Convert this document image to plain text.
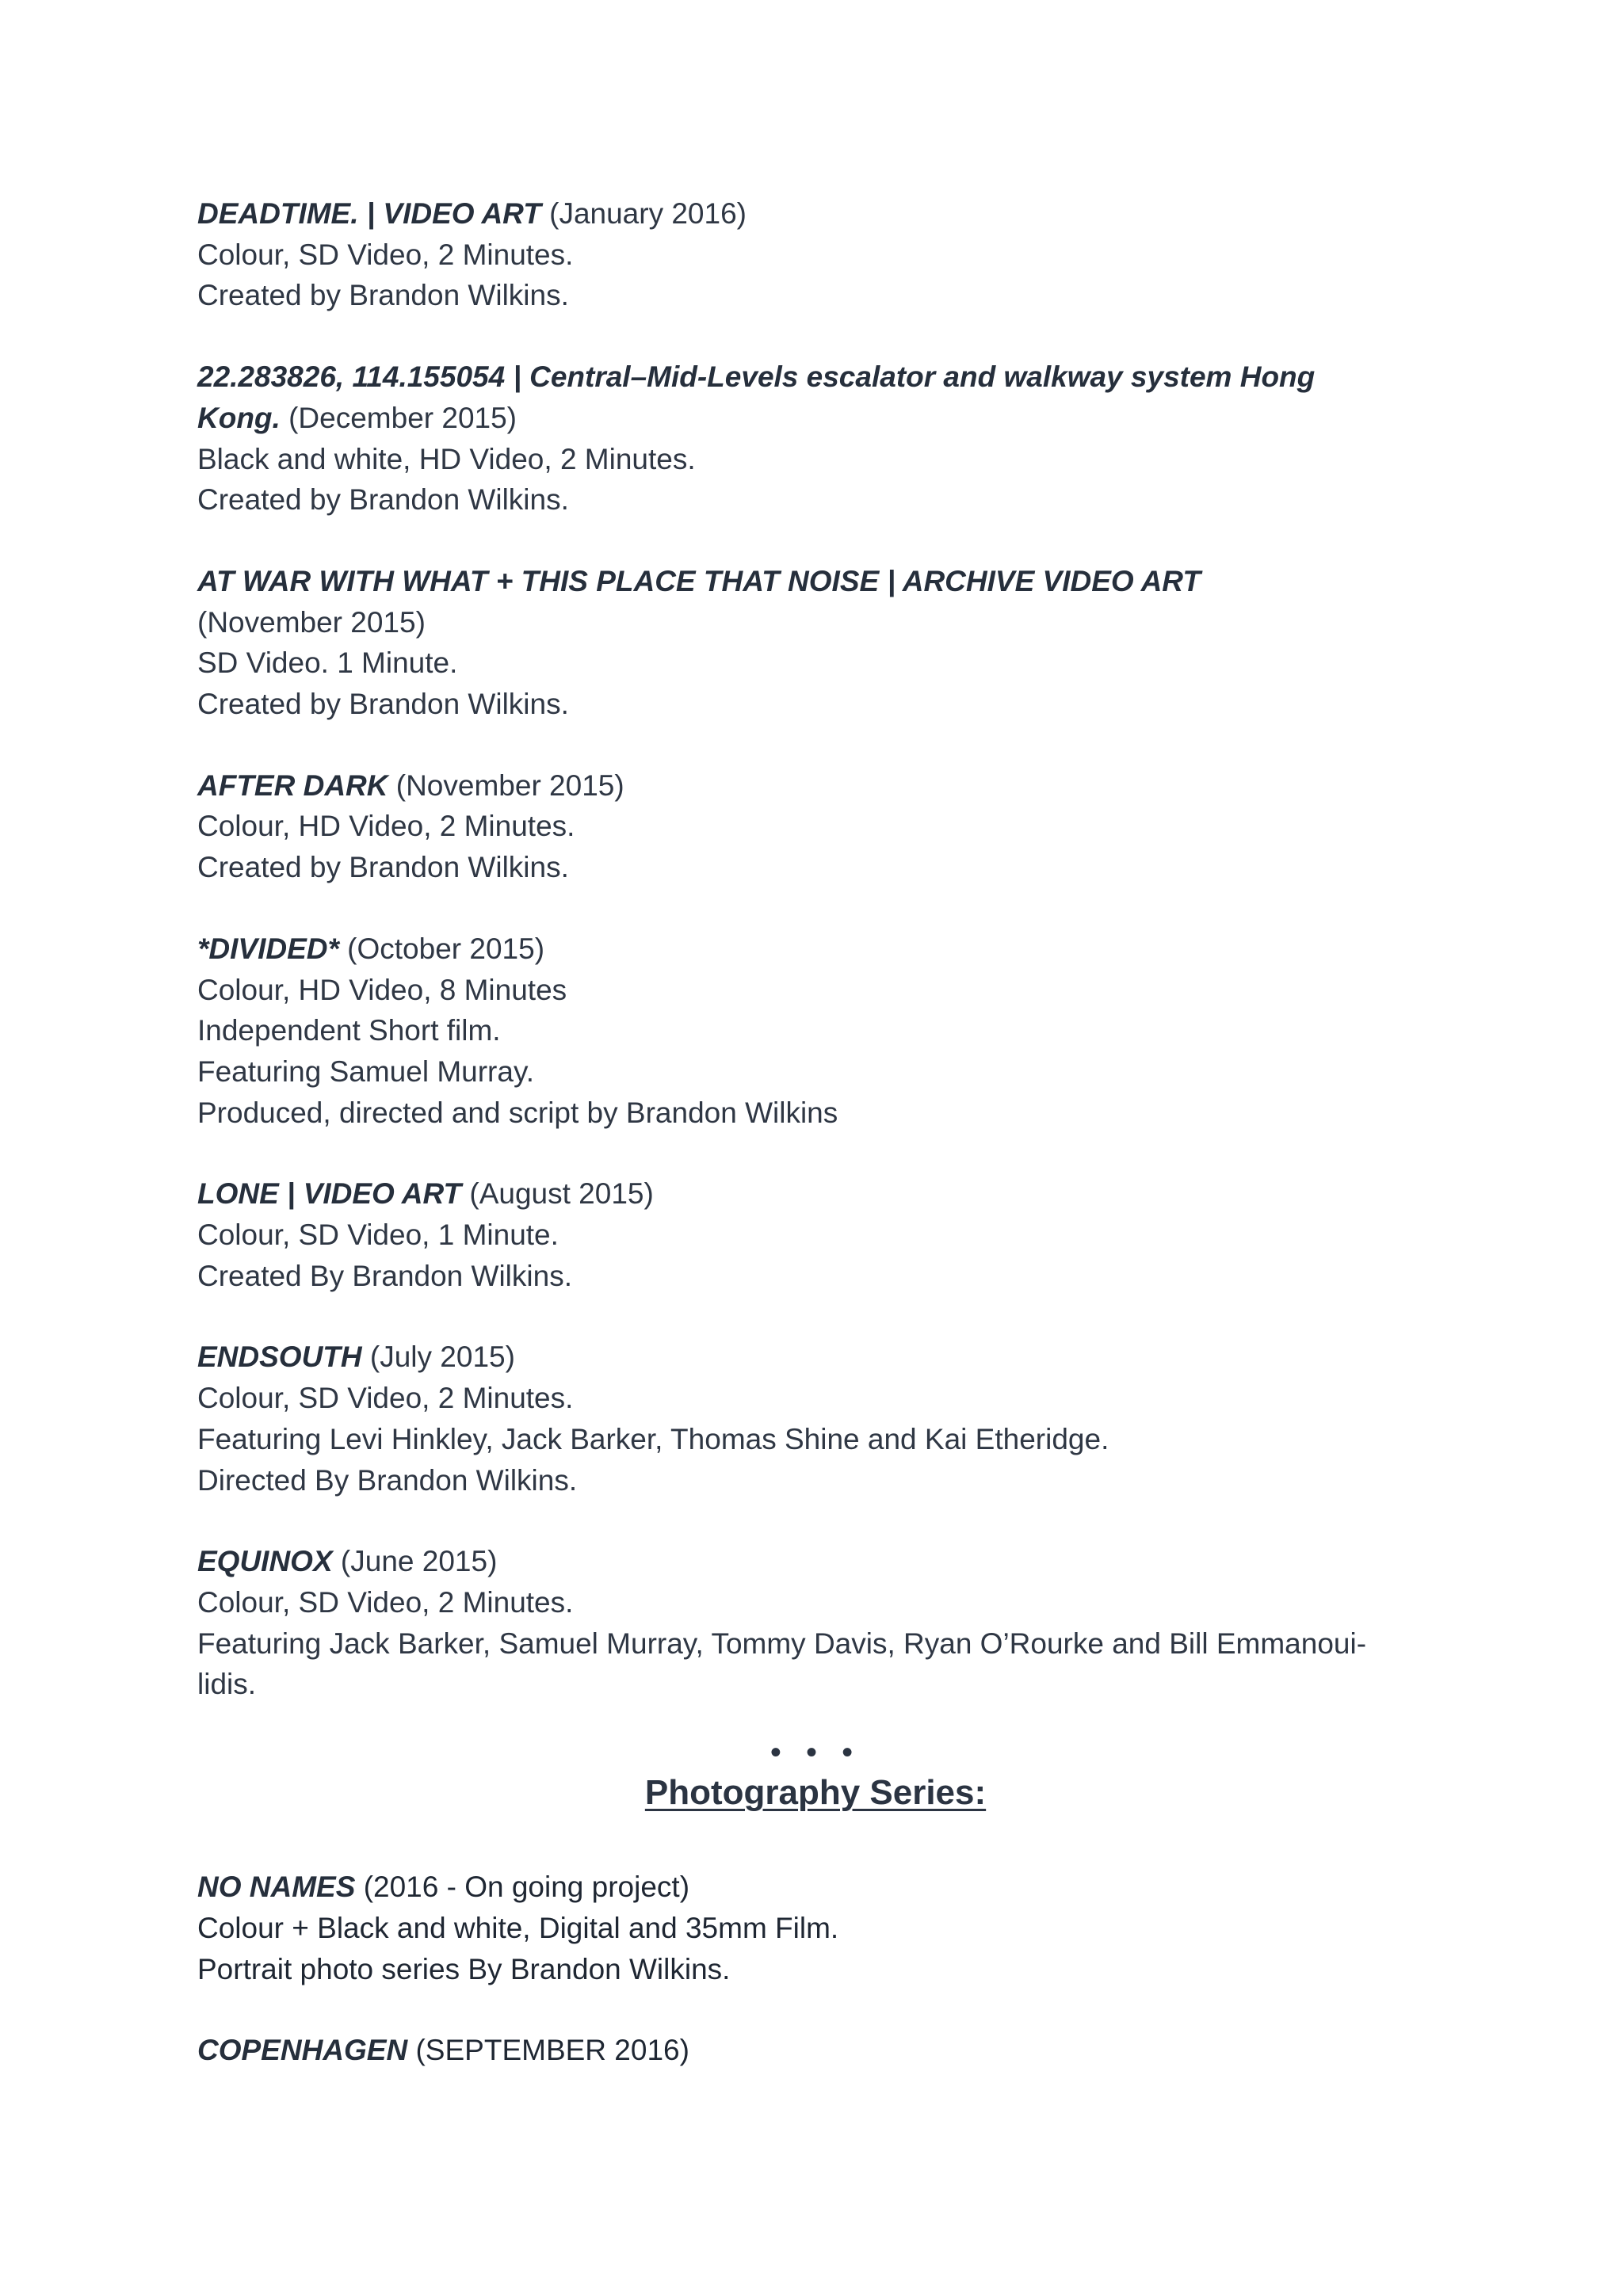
DEADTIME. | VIDEO ART (January 2016)
Colour, SD Video, 2 Minutes.
Created by Brandon Wilkins.
22.283826, 114.155054 | Central–Mid-Levels escalator and walkway system Hong
Kong. (December 2015)
Black and white, HD Video, 2 Minutes.
Created by Brandon Wilkins.
AT WAR WITH WHAT + THIS PLACE THAT NOISE | ARCHIVE VIDEO ART
(November 2015)
SD Video. 1 Minute.
Created by Brandon Wilkins.
AFTER DARK (November 2015)
Colour, HD Video, 2 Minutes.
Created by Brandon Wilkins.
*DIVIDED* (October 2015)
Colour, HD Video, 8 Minutes
Independent Short film.
Featuring Samuel Murray.
Produced, directed and script by Brandon Wilkins
LONE | VIDEO ART (August 2015)
Colour, SD Video, 1 Minute.
Created By Brandon Wilkins.
ENDSOUTH (July 2015)
Colour, SD Video, 2 Minutes.
Featuring Levi Hinkley, Jack Barker, Thomas Shine and Kai Etheridge.
Directed By Brandon Wilkins.
EQUINOX (June 2015)
Colour, SD Video, 2 Minutes.
Featuring Jack Barker, Samuel Murray, Tommy Davis, Ryan O’Rourke and Bill Emmanoui-
lidis.
• • •
Photography Series:
NO NAMES (2016 - On going project)
Colour + Black and white, Digital and 35mm Film.
Portrait photo series By Brandon Wilkins.
COPENHAGEN (SEPTEMBER 2016)
